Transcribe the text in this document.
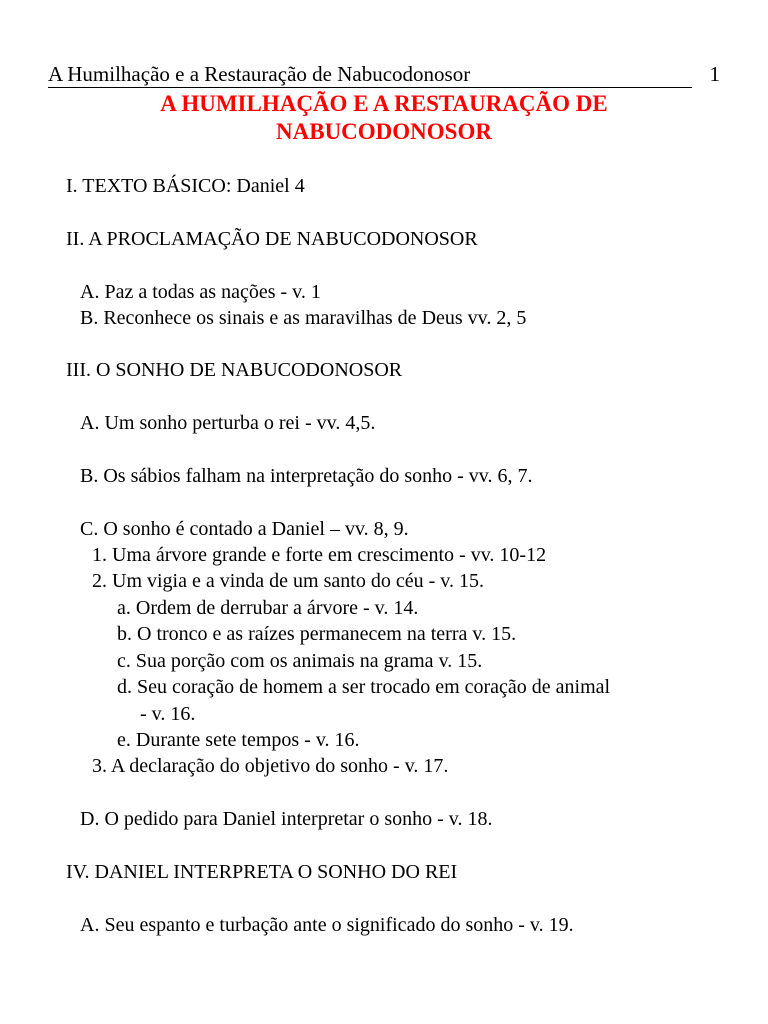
A Humilhação e a Restauração de Nabucodonosor	1
A HUMILHAÇÃO E A RESTAURAÇÃO DE
NABUCODONOSOR
I. TEXTO BÁSICO: Daniel 4
II. A PROCLAMAÇÃO DE NABUCODONOSOR
A. Paz a todas as nações - v. 1
B. Reconhece os sinais e as maravilhas de Deus vv. 2, 5
III. O SONHO DE NABUCODONOSOR
A. Um sonho perturba o rei - vv. 4,5.
B. Os sábios falham na interpretação do sonho - vv. 6, 7.
C. O sonho é contado a Daniel – vv. 8, 9.
1. Uma árvore grande e forte em crescimento - vv. 10-12
2. Um vigia e a vinda de um santo do céu - v. 15.
a. Ordem de derrubar a árvore - v. 14.
b. O tronco e as raízes permanecem na terra v. 15.
c. Sua porção com os animais na grama v. 15.
d. Seu coração de homem a ser trocado em coração de animal
- v. 16.
e. Durante sete tempos - v. 16.
3. A declaração do objetivo do sonho - v. 17.
D. O pedido para Daniel interpretar o sonho - v. 18.
IV. DANIEL INTERPRETA O SONHO DO REI
A. Seu espanto e turbação ante o significado do sonho - v. 19.
